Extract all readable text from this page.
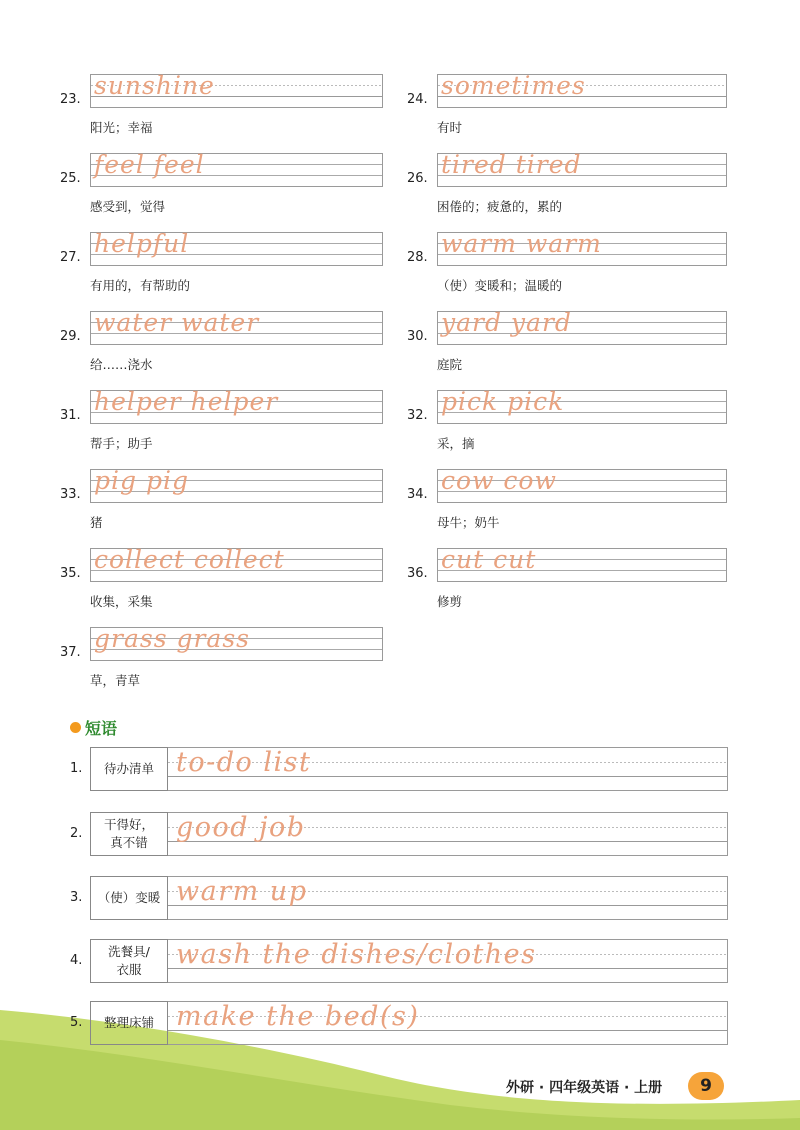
23. sunshine
阳光；幸福
24. sometimes
有时
25. feel feel
感受到，觉得
26. tired tired
困倦的；疲惫的，累的
27. helpful
有用的，有帮助的
28. warm warm
（使）变暖和；温暖的
29. water water
给……浇水
30. yard yard
庭院
31. helper helper
帮手；助手
32. pick pick
采，摘
33. pig pig
猪
34. cow cow
母牛；奶牛
35. collect collect
收集，采集
36. cut cut
修剪
37. grass grass
草，青草
短语
1.	待办清单 to-do list
2.
干得好，
真不错	good job
3.	（使）变暖 warm up
4.
洗餐具/
衣服	wash the dishes/clothes
5.	整理床铺 make the bed(s)
外研 · 四年级英语 · 上册	9
